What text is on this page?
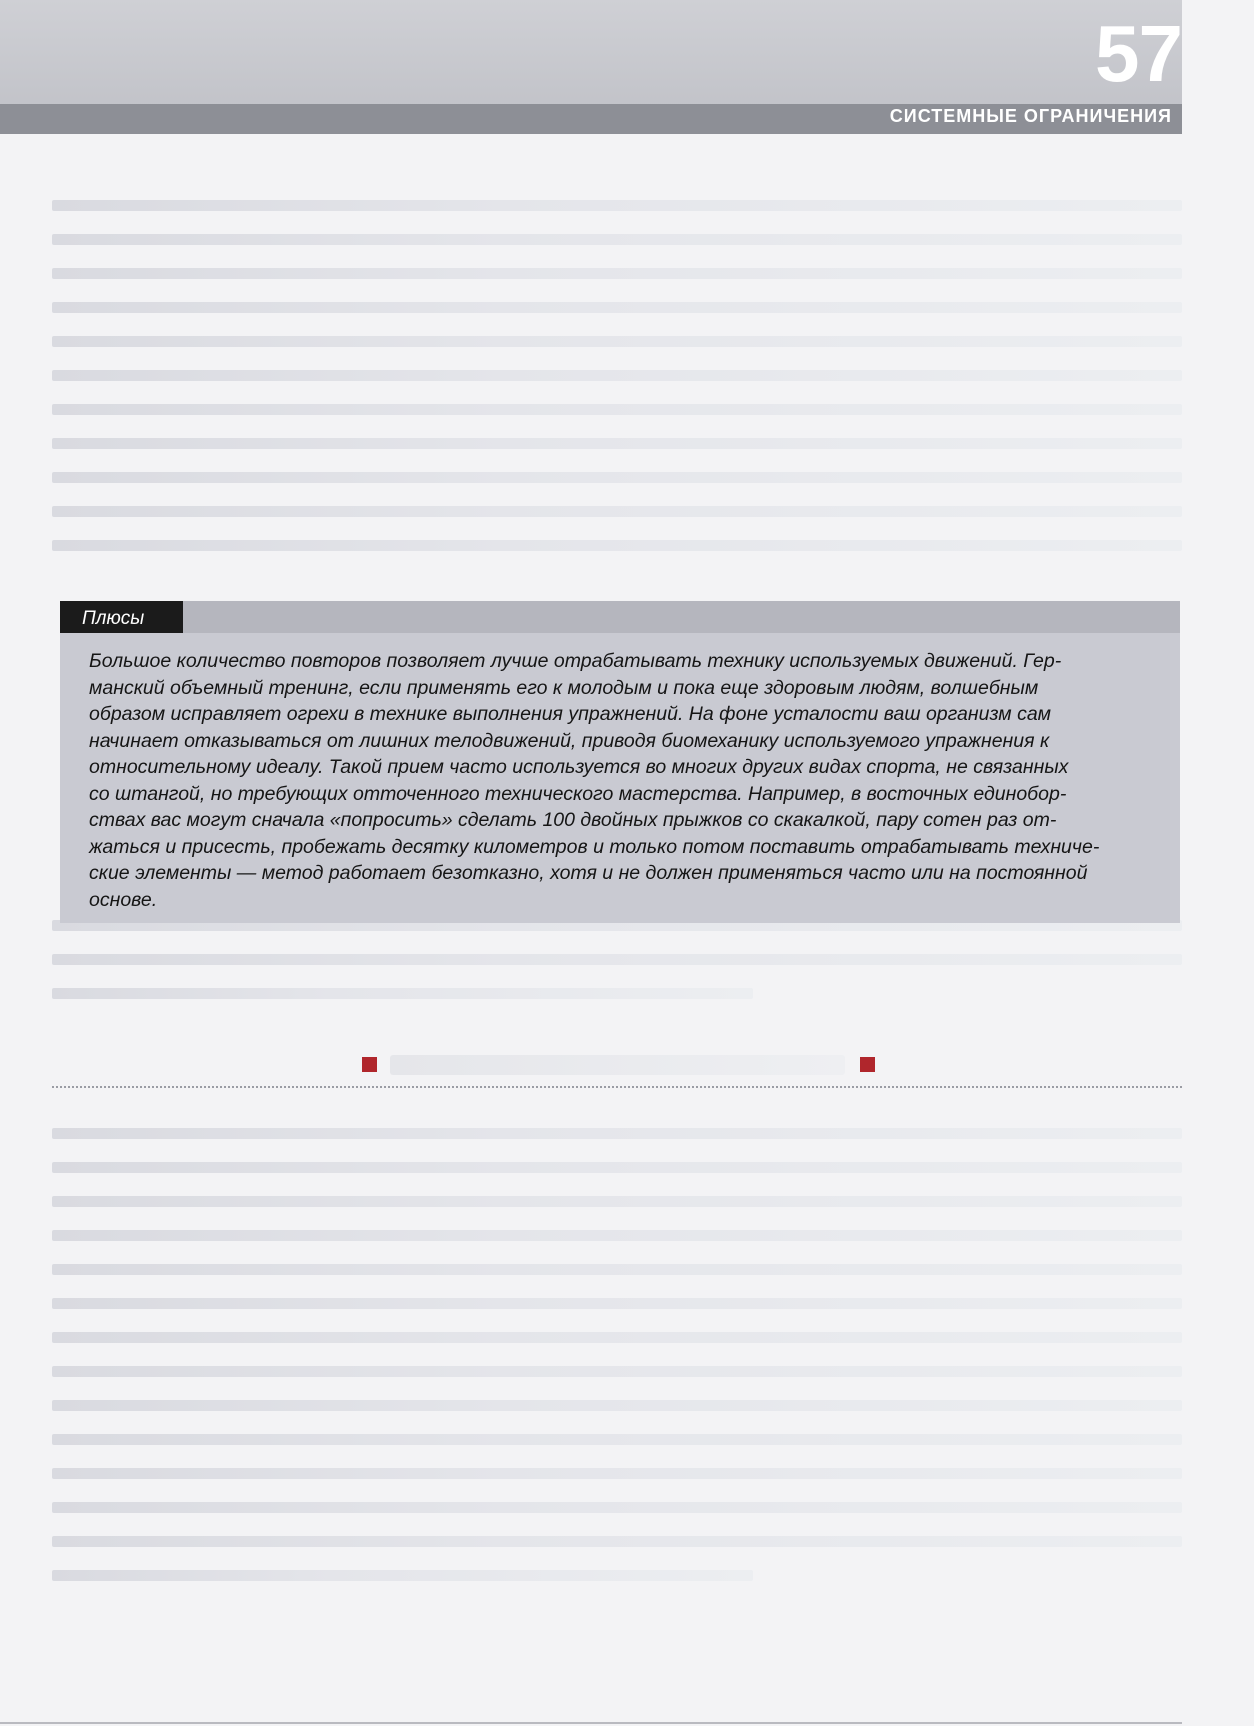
57
СИСТЕМНЫЕ ОГРАНИЧЕНИЯ
Плюсы
Большое количество повторов позволяет лучше отрабатывать технику используемых движений. Гер-
манский объемный тренинг, если применять его к молодым и пока еще здоровым людям, волшебным
образом исправляет огрехи в технике выполнения упражнений. На фоне усталости ваш организм сам
начинает отказываться от лишних телодвижений, приводя биомеханику используемого упражнения к
относительному идеалу. Такой прием часто используется во многих других видах спорта, не связанных
со штангой, но требующих отточенного технического мастерства. Например, в восточных единобор-
ствах вас могут сначала «попросить» сделать 100 двойных прыжков со скакалкой, пару сотен раз от-
жаться и присесть, пробежать десятку километров и только потом поставить отрабатывать техниче-
ские элементы — метод работает безотказно, хотя и не должен применяться часто или на постоянной
основе.
